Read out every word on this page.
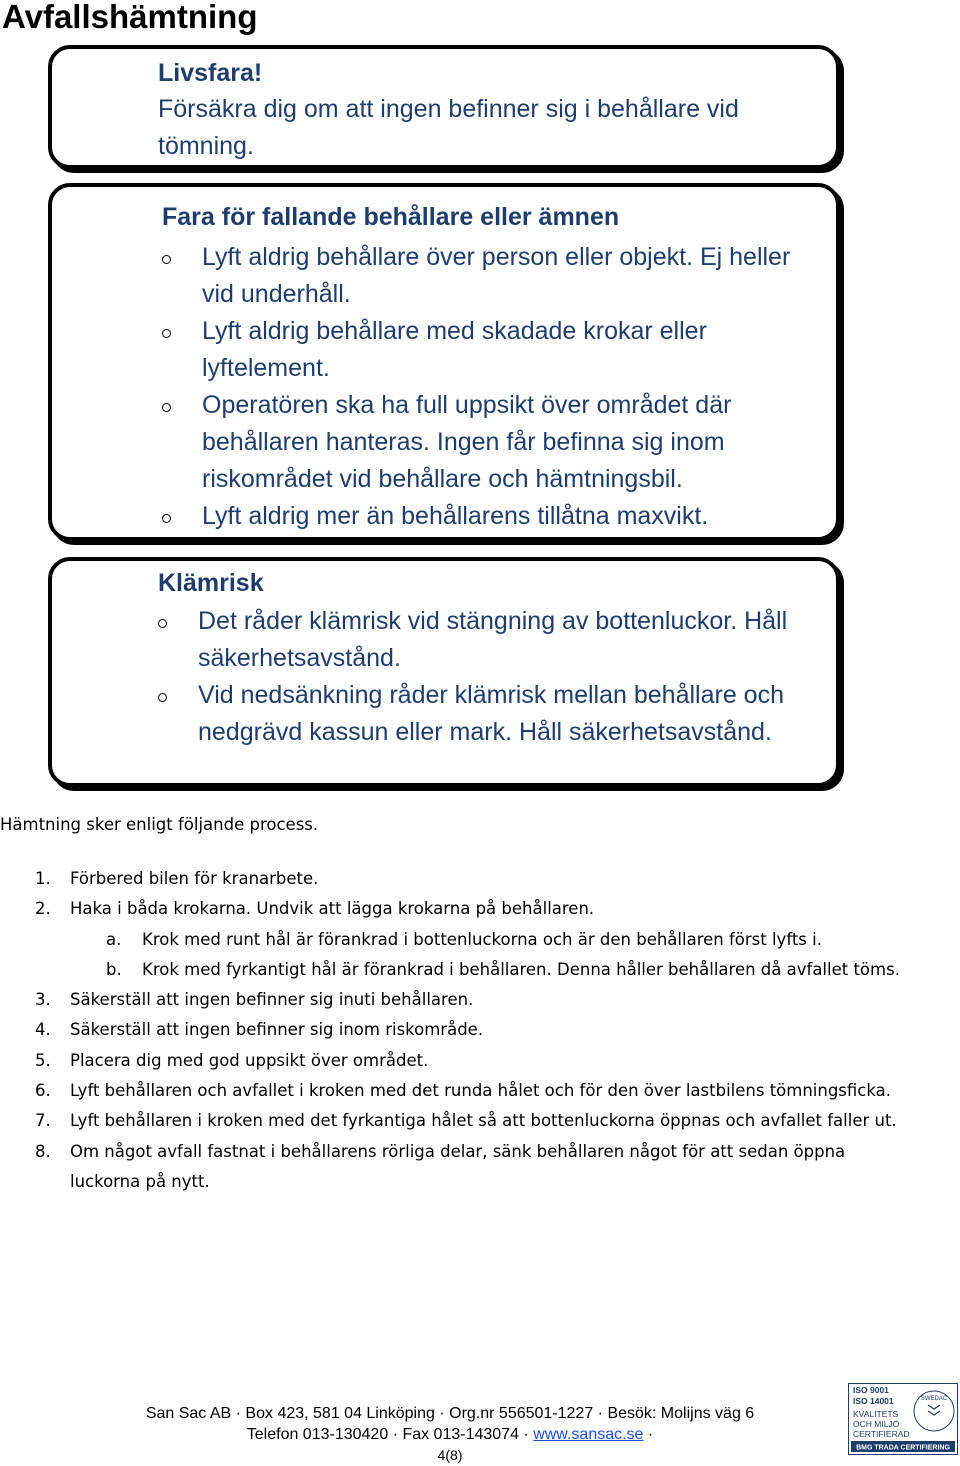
Avfallshämtning
Livsfara!
Försäkra dig om att ingen befinner sig i behållare vid tömning.
Fara för fallande behållare eller ämnen
Lyft aldrig behållare över person eller objekt. Ej heller vid underhåll.
Lyft aldrig behållare med skadade krokar eller lyftelement.
Operatören ska ha full uppsikt över området där behållaren hanteras. Ingen får befinna sig inom riskområdet vid behållare och hämtningsbil.
Lyft aldrig mer än behållarens tillåtna maxvikt.
Klämrisk
Det råder klämrisk vid stängning av bottenluckor. Håll säkerhetsavstånd.
Vid nedsänkning råder klämrisk mellan behållare och nedgrävd kassun eller mark. Håll säkerhetsavstånd.
Hämtning sker enligt följande process.
1. Förbered bilen för kranarbete.
2. Haka i båda krokarna. Undvik att lägga krokarna på behållaren.
a. Krok med runt hål är förankrad i bottenluckorna och är den behållaren först lyfts i.
b. Krok med fyrkantigt hål är förankrad i behållaren. Denna håller behållaren då avfallet töms.
3. Säkerställ att ingen befinner sig inuti behållaren.
4. Säkerställ att ingen befinner sig inom riskområde.
5. Placera dig med god uppsikt över området.
6. Lyft behållaren och avfallet i kroken med det runda hålet och för den över lastbilens tömningsficka.
7. Lyft behållaren i kroken med det fyrkantiga hålet så att bottenluckorna öppnas och avfallet faller ut.
8. Om något avfall fastnat i behållarens rörliga delar, sänk behållaren något för att sedan öppna luckorna på nytt.
San Sac AB · Box 423, 581 04 Linköping · Org.nr 556501-1227 · Besök: Molijns väg 6
Telefon 013-130420 · Fax 013-143074 · www.sansac.se ·
4(8)
ISO 9001
ISO 14001
KVALITETS
OCH MILJÖ
CERTIFIERAD
BMG TRADA CERTIFIERING
SWEDAC
